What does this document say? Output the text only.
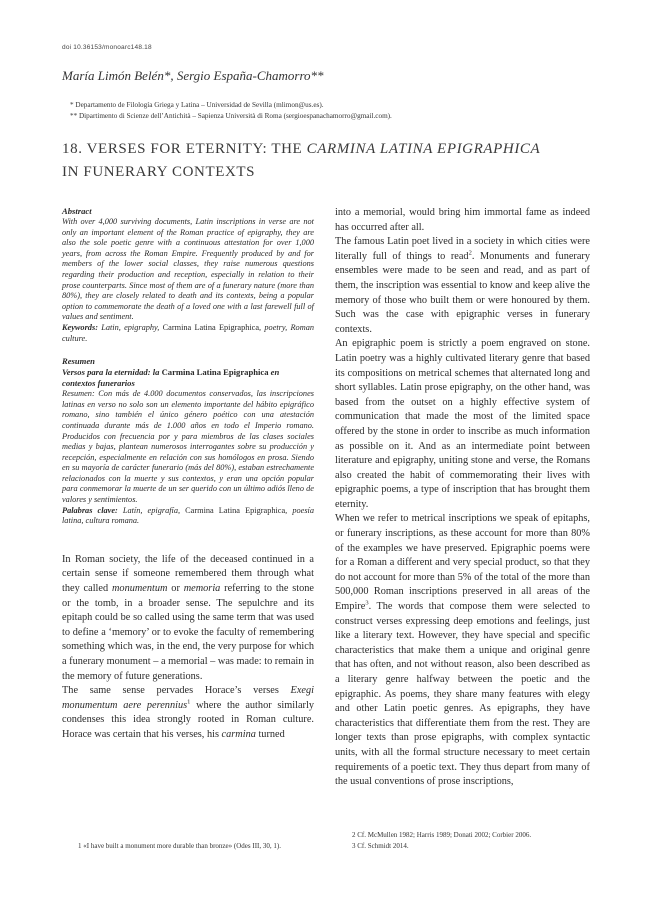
doi 10.36153/monoarc148.18
María Limón Belén*, Sergio España-Chamorro**
* Departamento de Filología Griega y Latina – Universidad de Sevilla (mlimon@us.es).
** Dipartimento di Scienze dell’Antichità – Sapienza Università di Roma (sergioespanachamorro@gmail.com).
18. VERSES FOR ETERNITY: THE CARMINA LATINA EPIGRAPHICA
IN FUNERARY CONTEXTS

Abstract

With over 4,000 surviving documents, Latin inscriptions in verse are not only an important element of the Roman practice of epigraphy, they are also the sole poetic genre with a continuous attestation for over 1,000 years, from across the Roman Empire. Frequently produced by and for members of the lower social classes, they raise numerous questions regarding their production and reception, especially in relation to their prose counterparts. Since most of them are of a funerary nature (more than 80%), they are closely related to death and its contexts, being a popular option to commemorate the death of a loved one with a last farewell full of values and sentiment.

Keywords: Latin, epigraphy, Carmina Latina Epigraphica, poetry, Roman culture.

Resumen

Versos para la eternidad: la Carmina Latina Epigraphica en contextos funerarios

Resumen: Con más de 4.000 documentos conservados, las inscripciones latinas en verso no solo son un elemento importante del hábito epigráfico romano, sino también el único género poético con una atestación continuada durante más de 1.000 años en todo el Imperio romano. Producidos con frecuencia por y para miembros de las clases sociales medias y bajas, plantean numerosos interrogantes sobre su producción y recepción, especialmente en relación con sus homólogos en prosa. Siendo en su mayoría de carácter funerario (más del 80%), estaban estrechamente relacionados con la muerte y sus contextos, y eran una opción popular para conmemorar la muerte de un ser querido con un último adiós lleno de valores y sentimientos.

Palabras clave: Latín, epigrafía, Carmina Latina Epigraphica, poesía latina, cultura romana.

In Roman society, the life of the deceased continued in a certain sense if someone remembered them through what they called monumentum or memoria referring to the stone or the tomb, in a broader sense. The sepulchre and its epitaph could be so called using the same term that was used to define a ‘memory’ or to evoke the faculty of remembering something which was, in the end, the very purpose for which a funerary monument – a memorial – was made: to remain in the memory of future generations.

The same sense pervades Horace’s verses Exegi monumentum aere perennius$^1$ where the author similarly condenses this idea strongly rooted in Roman culture. Horace was certain that his verses, his carmina turned

into a memorial, would bring him immortal fame as indeed has occurred after all.

The famous Latin poet lived in a society in which cities were literally full of things to read$^2$. Monuments and funerary ensembles were made to be seen and read, and as part of them, the inscription was essential to know and keep alive the memory of those who built them or were honoured by them. Such was the case with epigraphic verses in funerary contexts.

An epigraphic poem is strictly a poem engraved on stone. Latin poetry was a highly cultivated literary genre that based its compositions on metrical schemes that alternated long and short syllables. Latin prose epigraphy, on the other hand, was based from the outset on a highly effective system of communication that made the most of the limited space offered by the stone in order to inscribe as much information as possible on it. And as an intermediate point between literature and epigraphy, uniting stone and verse, the Romans also created the habit of commemorating their lives with epigraphic poems, a type of inscription that has brought them eternity.

When we refer to metrical inscriptions we speak of epitaphs, or funerary inscriptions, as these account for more than 80% of the examples we have preserved. Epigraphic poems were for a Roman a different and very special product, so that they do not account for more than 5% of the total of the more than 500,000 Roman inscriptions preserved in all areas of the Empire$^3$. The words that compose them were selected to construct verses expressing deep emotions and feelings, just like a literary text. However, they have special and specific characteristics that make them a unique and original genre that has often, and not without reason, also been described as a literary genre halfway between the poetic and the epigraphic. As poems, they share many features with elegy and other Latin poetic genres. As epigraphs, they have characteristics that differentiate them from the rest. They are longer texts than prose epigraphs, with complex syntactic units, with all the formal structure necessary to meet certain requirements of a poetic text. They thus depart from many of the usual conventions of prose inscriptions,

1 «I have built a monument more durable than bronze» (Odes III, 30, 1).
2 Cf. McMullen 1982; Harris 1989; Donati 2002; Corbier 2006.
3 Cf. Schmidt 2014.
